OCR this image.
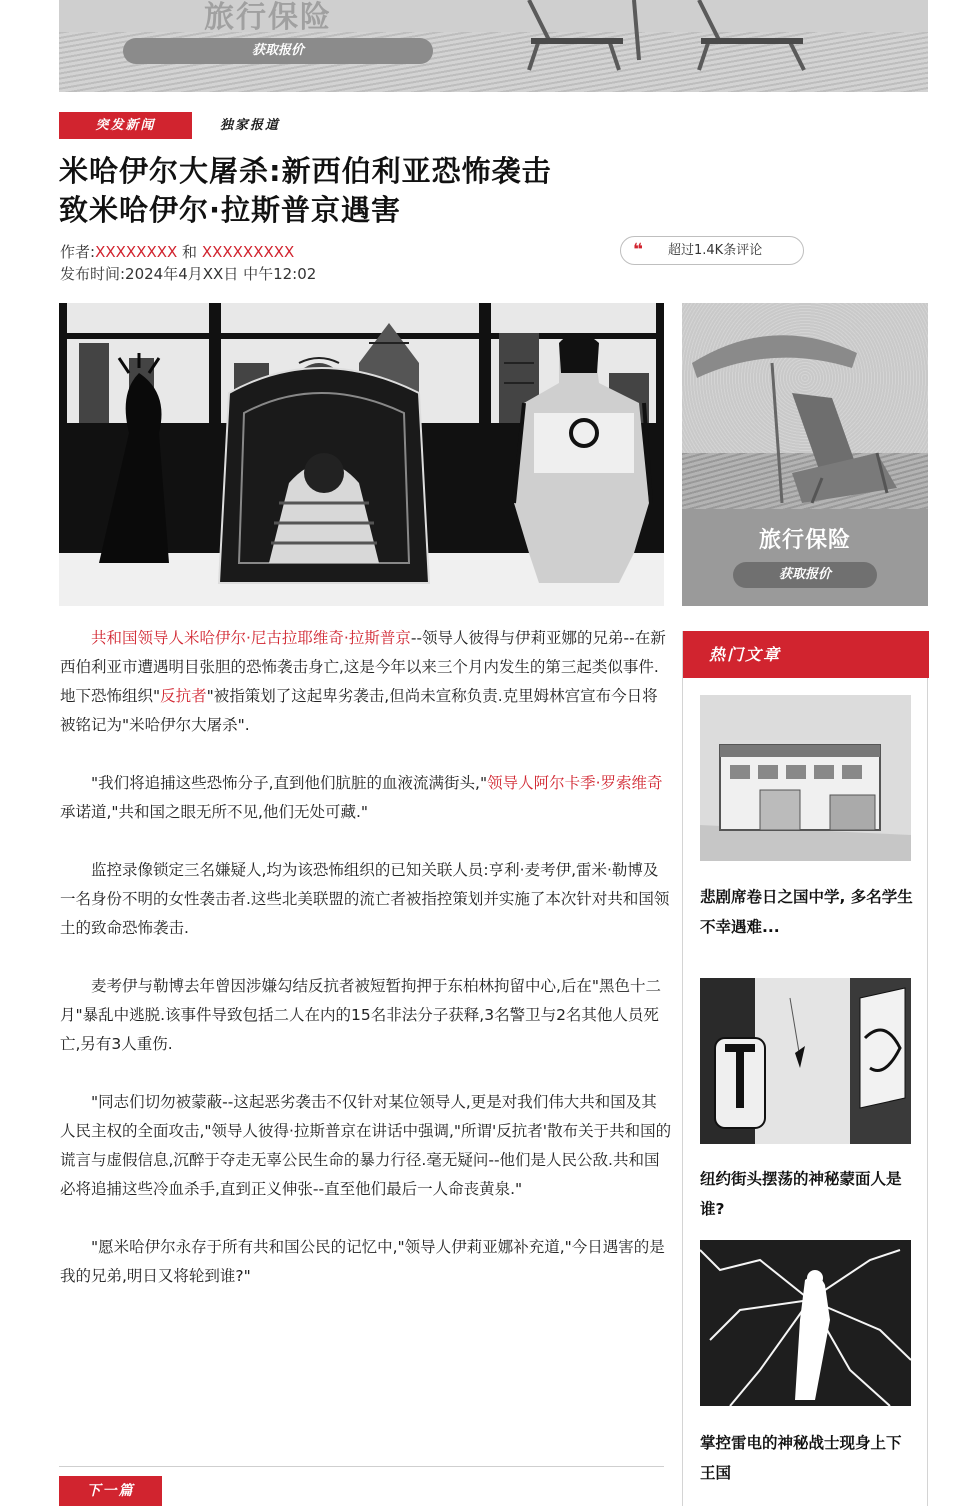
旅行保险
获取报价
突发新闻	独家报道
米哈伊尔大屠杀:新西伯利亚恐怖袭击
致米哈伊尔·拉斯普京遇害
作者:XXXXXXXX 和 XXXXXXXXX
发布时间:2024年4月XX日 中午12:02
❝ 超过1.4K条评论
旅行保险
获取报价

共和国领导人米哈伊尔·尼古拉耶维奇·拉斯普京--领导人彼得与伊莉亚娜的兄弟--在新西伯利亚市遭遇明目张胆的恐怖袭击身亡,这是今年以来三个月内发生的第三起类似事件.地下恐怖组织"反抗者"被指策划了这起卑劣袭击,但尚未宣称负责.克里姆林宫宣布今日将被铭记为"米哈伊尔大屠杀".

"我们将追捕这些恐怖分子,直到他们肮脏的血液流满街头,"领导人阿尔卡季·罗索维奇承诺道,"共和国之眼无所不见,他们无处可藏."

监控录像锁定三名嫌疑人,均为该恐怖组织的已知关联人员:亨利·麦考伊,雷米·勒博及一名身份不明的女性袭击者.这些北美联盟的流亡者被指控策划并实施了本次针对共和国领土的致命恐怖袭击.

麦考伊与勒博去年曾因涉嫌勾结反抗者被短暂拘押于东柏林拘留中心,后在"黑色十二月"暴乱中逃脱.该事件导致包括二人在内的15名非法分子获释,3名警卫与2名其他人员死亡,另有3人重伤.

"同志们切勿被蒙蔽--这起恶劣袭击不仅针对某位领导人,更是对我们伟大共和国及其人民主权的全面攻击,"领导人彼得·拉斯普京在讲话中强调,"所谓'反抗者'散布关于共和国的谎言与虚假信息,沉醉于夺走无辜公民生命的暴力行径.毫无疑问--他们是人民公敌.共和国必将追捕这些冷血杀手,直到正义伸张--直至他们最后一人命丧黄泉."

"愿米哈伊尔永存于所有共和国公民的记忆中,"领导人伊莉亚娜补充道,"今日遇害的是我的兄弟,明日又将轮到谁?"

下一篇
热门文章
悲剧席卷日之国中学, 多名学生不幸遇难...
纽约街头摆荡的神秘蒙面人是谁?
掌控雷电的神秘战士现身上下王国
